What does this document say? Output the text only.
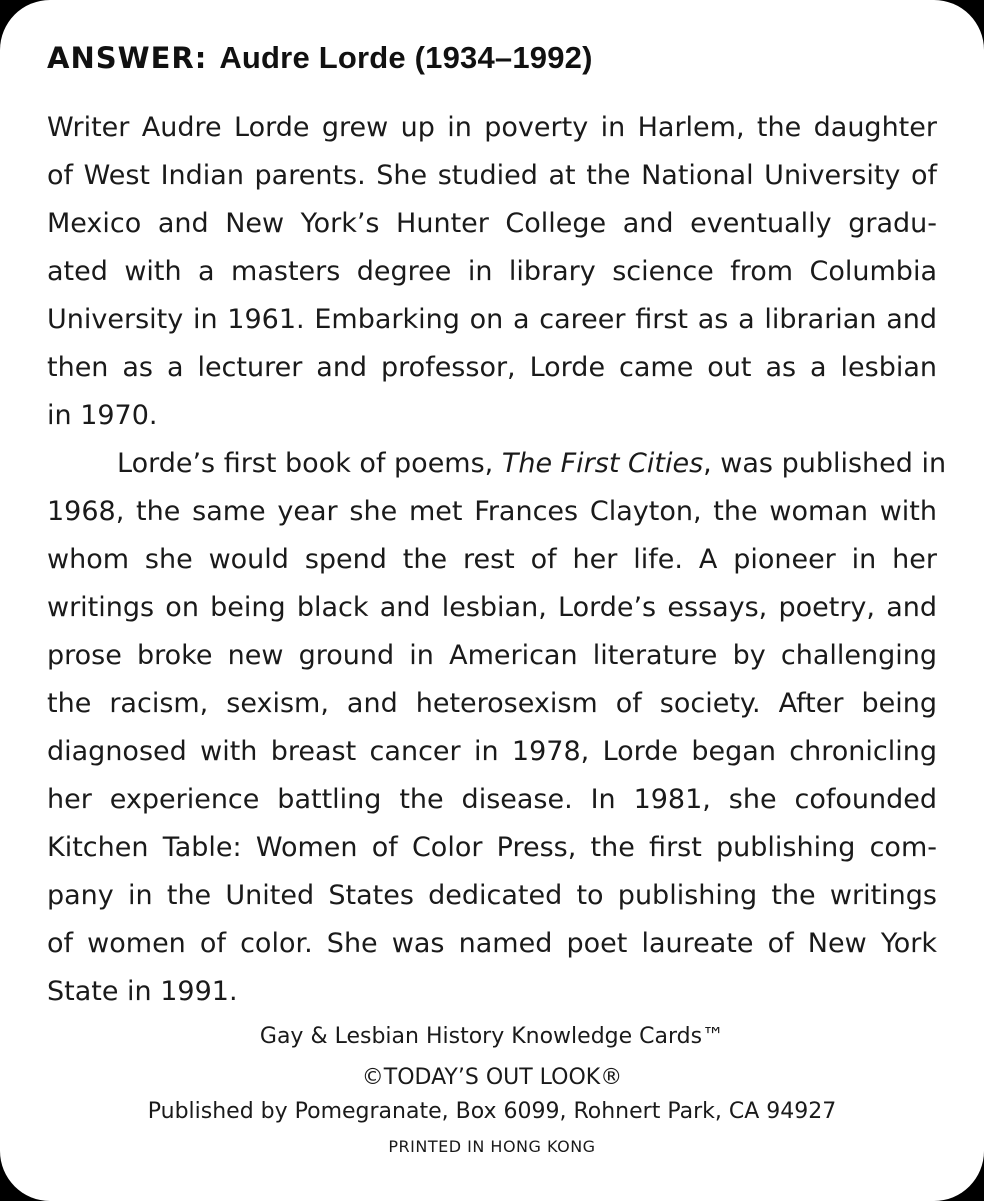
ANSWER: Audre Lorde (1934–1992)
Writer Audre Lorde grew up in poverty in Harlem, the daughter
of West Indian parents. She studied at the National University of
Mexico and New York’s Hunter College and eventually gradu-
ated with a masters degree in library science from Columbia
University in 1961. Embarking on a career first as a librarian and
then as a lecturer and professor, Lorde came out as a lesbian
in 1970.
Lorde’s first book of poems, The First Cities, was published in
1968, the same year she met Frances Clayton, the woman with
whom she would spend the rest of her life. A pioneer in her
writings on being black and lesbian, Lorde’s essays, poetry, and
prose broke new ground in American literature by challenging
the racism, sexism, and heterosexism of society. After being
diagnosed with breast cancer in 1978, Lorde began chronicling
her experience battling the disease. In 1981, she cofounded
Kitchen Table: Women of Color Press, the first publishing com-
pany in the United States dedicated to publishing the writings
of women of color. She was named poet laureate of New York
State in 1991.
Gay & Lesbian History Knowledge Cards™
©TODAY’S OUT LOOK®
Published by Pomegranate, Box 6099, Rohnert Park, CA 94927
PRINTED IN HONG KONG
